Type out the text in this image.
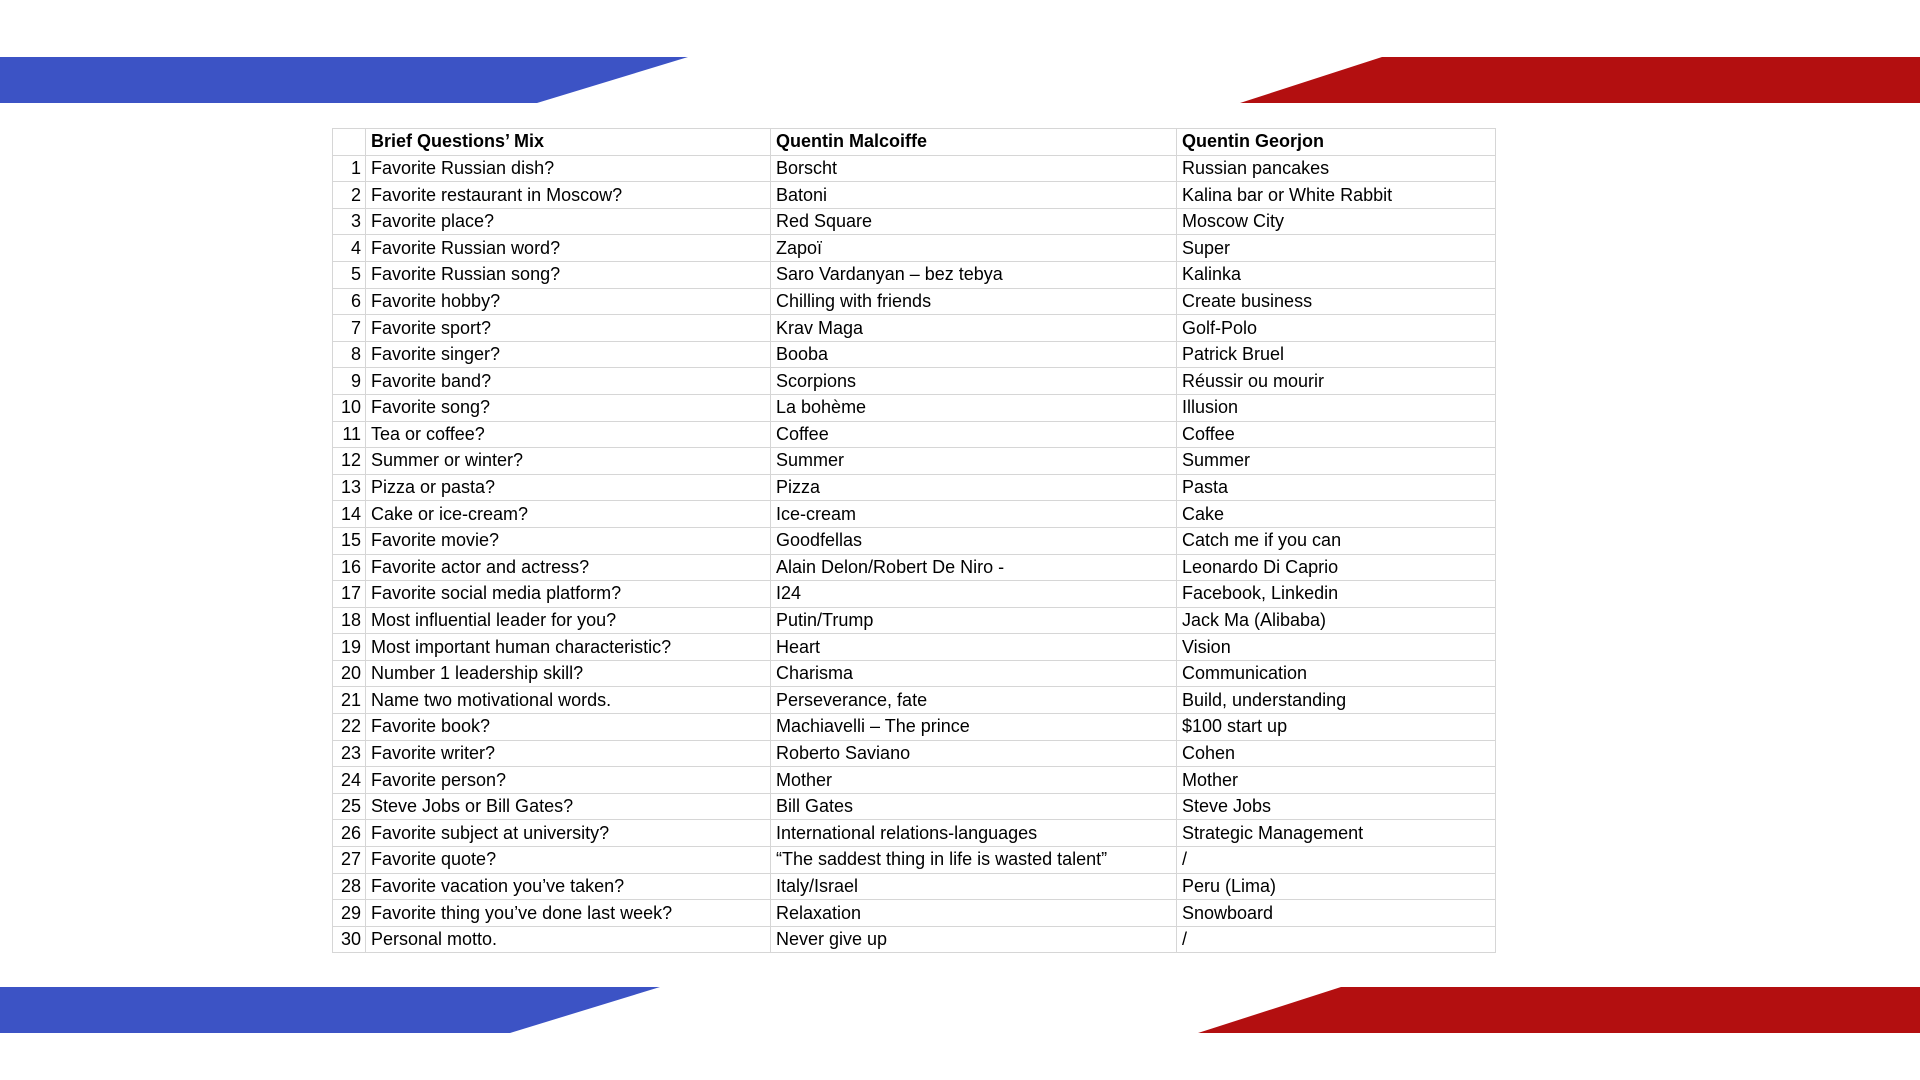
	Brief Questions’ Mix	Quentin Malcoiffe	Quentin Georjon
1	Favorite Russian dish?	Borscht	Russian pancakes
2	Favorite restaurant in Moscow?	Batoni	Kalina bar or White Rabbit
3	Favorite place?	Red Square	Moscow City
4	Favorite Russian word?	Zapoï	Super
5	Favorite Russian song?	Saro Vardanyan – bez tebya	Kalinka
6	Favorite hobby?	Chilling with friends	Create business
7	Favorite sport?	Krav Maga	Golf-Polo
8	Favorite singer?	Booba	Patrick Bruel
9	Favorite band?	Scorpions	Réussir ou mourir
10	Favorite song?	La bohème	Illusion
11	Tea or coffee?	Coffee	Coffee
12	Summer or winter?	Summer	Summer
13	Pizza or pasta?	Pizza	Pasta
14	Cake or ice-cream?	Ice-cream	Cake
15	Favorite movie?	Goodfellas	Catch me if you can
16	Favorite actor and actress?	Alain Delon/Robert De Niro -	Leonardo Di Caprio
17	Favorite social media platform?	I24	Facebook, Linkedin
18	Most influential leader for you?	Putin/Trump	Jack Ma (Alibaba)
19	Most important human characteristic?	Heart	Vision
20	Number 1 leadership skill?	Charisma	Communication
21	Name two motivational words.	Perseverance, fate	Build, understanding
22	Favorite book?	Machiavelli – The prince	$100 start up
23	Favorite writer?	Roberto Saviano	Cohen
24	Favorite person?	Mother	Mother
25	Steve Jobs or Bill Gates?	Bill Gates	Steve Jobs
26	Favorite subject at university?	International relations-languages	Strategic Management
27	Favorite quote?	“The saddest thing in life is wasted talent”	/
28	Favorite vacation you’ve taken?	Italy/Israel	Peru (Lima)
29	Favorite thing you’ve done last week?	Relaxation	Snowboard
30	Personal motto.	Never give up	/
